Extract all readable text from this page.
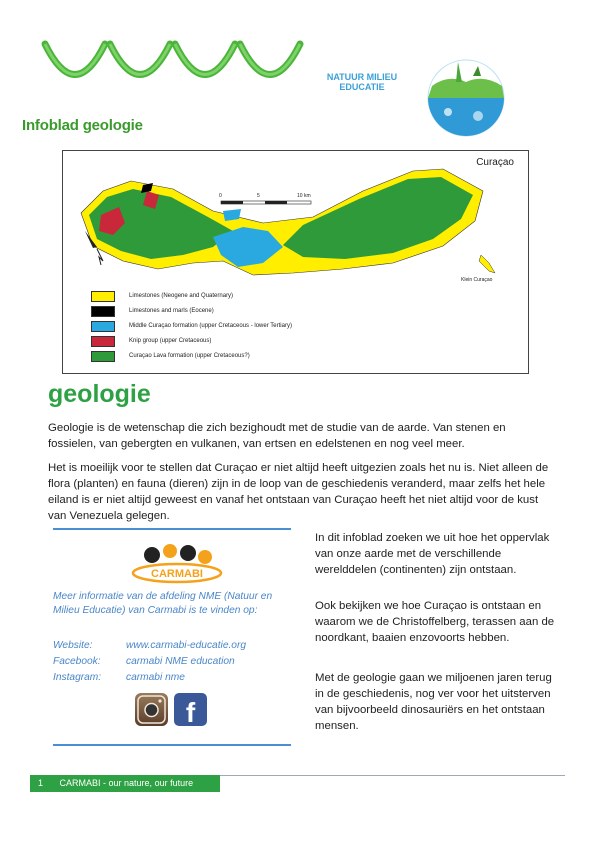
NATUUR MILIEU
EDUCATIE
Infoblad geologie
Curaçao
0	5	10 km
Klein Curaçao
Limestones (Neogene and Quaternary)
Limestones and marls (Eocene)
Middle Curaçao formation (upper Cretaceous - lower Tertiary)
Knip group (upper Cretaceous)
Curaçao Lava formation (upper Cretaceous?)
geologie

Geologie is de wetenschap die zich bezighoudt met de studie van de aarde. Van stenen en fossielen, van gebergten en vulkanen, van ertsen en edelstenen en nog veel meer.

Het is moeilijk voor te stellen dat Curaçao er niet altijd heeft uitgezien zoals het nu is. Niet alleen de flora (planten) en fauna (dieren) zijn in de loop van de geschiedenis veranderd, maar zelfs het hele eiland is er niet altijd geweest en vanaf het ontstaan van Curaçao heeft het niet altijd voor de kust van Venezuela gelegen.

CARMABI
Meer informatie van de afdeling NME (Natuur en Milieu Educatie) van Carmabi is te vinden op:
Website:	www.carmabi-educatie.org
Facebook: carmabi NME education
Instagram: carmabi nme
f

In dit infoblad zoeken we uit hoe het oppervlak van onze aarde met de verschillende werelddelen (continenten) zijn ontstaan.

Ook bekijken we hoe Curaçao is ontstaan en waarom we de Christoffelberg, terassen aan de noordkant, baaien enzovoorts hebben.

Met de geologie gaan we miljoenen jaren terug in de geschiedenis, nog ver voor het uitsterven van bijvoorbeeld dinosauriërs en het ontstaan mensen.

1 CARMABI - our nature, our future
